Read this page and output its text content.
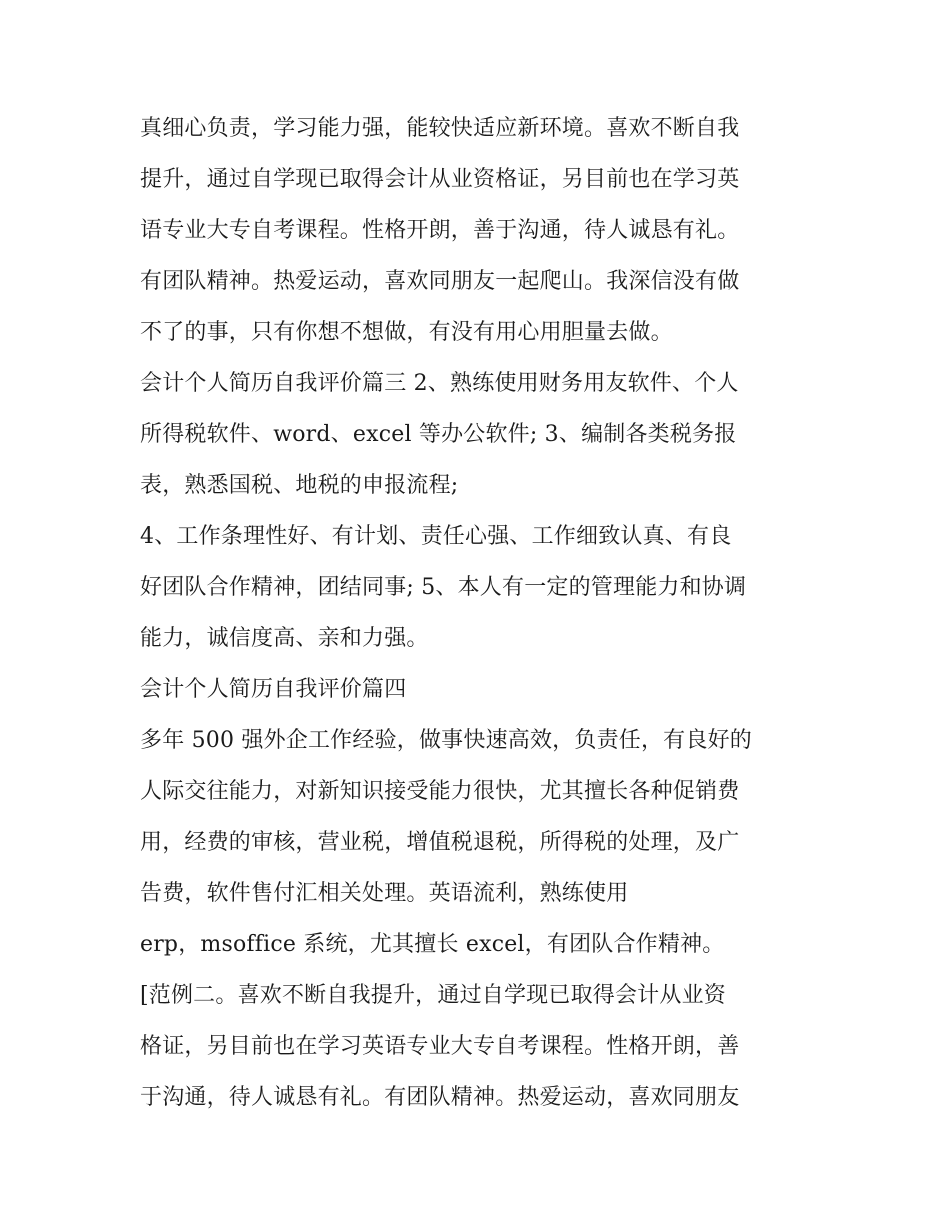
真细心负责，学习能力强，能较快适应新环境。喜欢不断自我
提升，通过自学现已取得会计从业资格证，另目前也在学习英
语专业大专自考课程。性格开朗，善于沟通，待人诚恳有礼。
有团队精神。热爱运动，喜欢同朋友一起爬山。我深信没有做
不了的事，只有你想不想做，有没有用心用胆量去做。
会计个人简历自我评价篇三 2、熟练使用财务用友软件、个人
所得税软件、word、excel 等办公软件; 3、编制各类税务报
表，熟悉国税、地税的申报流程;
4、工作条理性好、有计划、责任心强、工作细致认真、有良
好团队合作精神，团结同事; 5、本人有一定的管理能力和协调
能力，诚信度高、亲和力强。
会计个人简历自我评价篇四
多年 500 强外企工作经验，做事快速高效，负责任，有良好的
人际交往能力，对新知识接受能力很快，尤其擅长各种促销费
用，经费的审核，营业税，增值税退税，所得税的处理，及广
告费，软件售付汇相关处理。英语流利，熟练使用
erp，msoffice 系统，尤其擅长 excel，有团队合作精神。
[范例二。喜欢不断自我提升，通过自学现已取得会计从业资
格证，另目前也在学习英语专业大专自考课程。性格开朗，善
于沟通，待人诚恳有礼。有团队精神。热爱运动，喜欢同朋友
